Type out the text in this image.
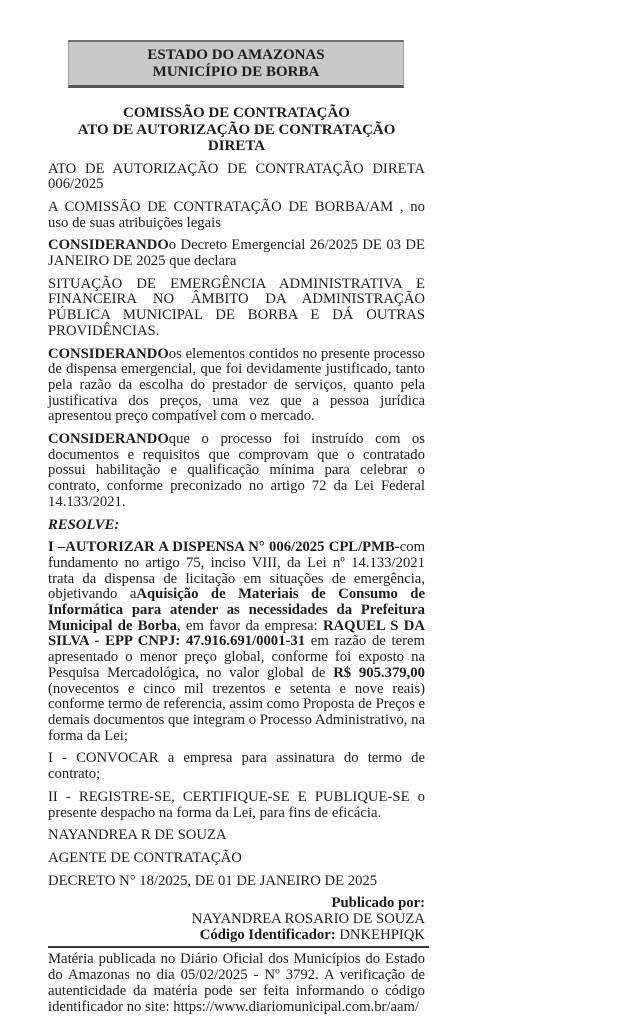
ESTADO DO AMAZONAS
MUNICÍPIO DE BORBA
COMISSÃO DE CONTRATAÇÃO
ATO DE AUTORIZAÇÃO DE CONTRATAÇÃO
DIRETA

ATO DE AUTORIZAÇÃO DE CONTRATAÇÃO DIRETA 006/2025

A COMISSÃO DE CONTRATAÇÃO DE BORBA/AM , no uso de suas atribuições legais

CONSIDERANDOo Decreto Emergencial 26/2025 DE 03 DE JANEIRO DE 2025 que declara

SITUAÇÃO DE EMERGÊNCIA ADMINISTRATIVA E FINANCEIRA NO ÂMBITO DA ADMINISTRAÇÃO PÚBLICA MUNICIPAL DE BORBA E DÁ OUTRAS PROVIDÊNCIAS.

CONSIDERANDOos elementos contidos no presente processo de dispensa emergencial, que foi devidamente justificado, tanto pela razão da escolha do prestador de serviços, quanto pela justificativa dos preços, uma vez que a pessoa jurídica apresentou preço compatível com o mercado.

CONSIDERANDOque o processo foi instruído com os documentos e requisitos que comprovam que o contratado possui habilitação e qualificação mínima para celebrar o contrato, conforme preconizado no artigo 72 da Lei Federal 14.133/2021.

RESOLVE:

I –AUTORIZAR A DISPENSA N° 006/2025 CPL/PMB-com fundamento no artigo 75, inciso VIII, da Lei nº 14.133/2021 trata da dispensa de licitação em situações de emergência, objetivando aAquisição de Materiais de Consumo de Informática para atender as necessidades da Prefeitura Municipal de Borba, em favor da empresa: RAQUEL S DA SILVA - EPP CNPJ: 47.916.691/0001-31 em razão de terem apresentado o menor preço global, conforme foi exposto na Pesquisa Mercadológica, no valor global de R$ 905.379,00 (novecentos e cinco mil trezentos e setenta e nove reais) conforme termo de referencia, assim como Proposta de Preços e demais documentos que integram o Processo Administrativo, na forma da Lei;

I - CONVOCAR a empresa para assinatura do termo de contrato;

II - REGISTRE-SE, CERTIFIQUE-SE E PUBLIQUE-SE o presente despacho na forma da Lei, para fins de eficácia.

NAYANDREA R DE SOUZA

AGENTE DE CONTRATAÇÃO

DECRETO N° 18/2025, DE 01 DE JANEIRO DE 2025

Publicado por:
NAYANDREA ROSARIO DE SOUZA
Código Identificador: DNKEHPIQK

Matéria publicada no Diário Oficial dos Municípios do Estado do Amazonas no dia 05/02/2025 - Nº 3792. A verificação de autenticidade da matéria pode ser feita informando o código identificador no site: https://www.diariomunicipal.com.br/aam/
